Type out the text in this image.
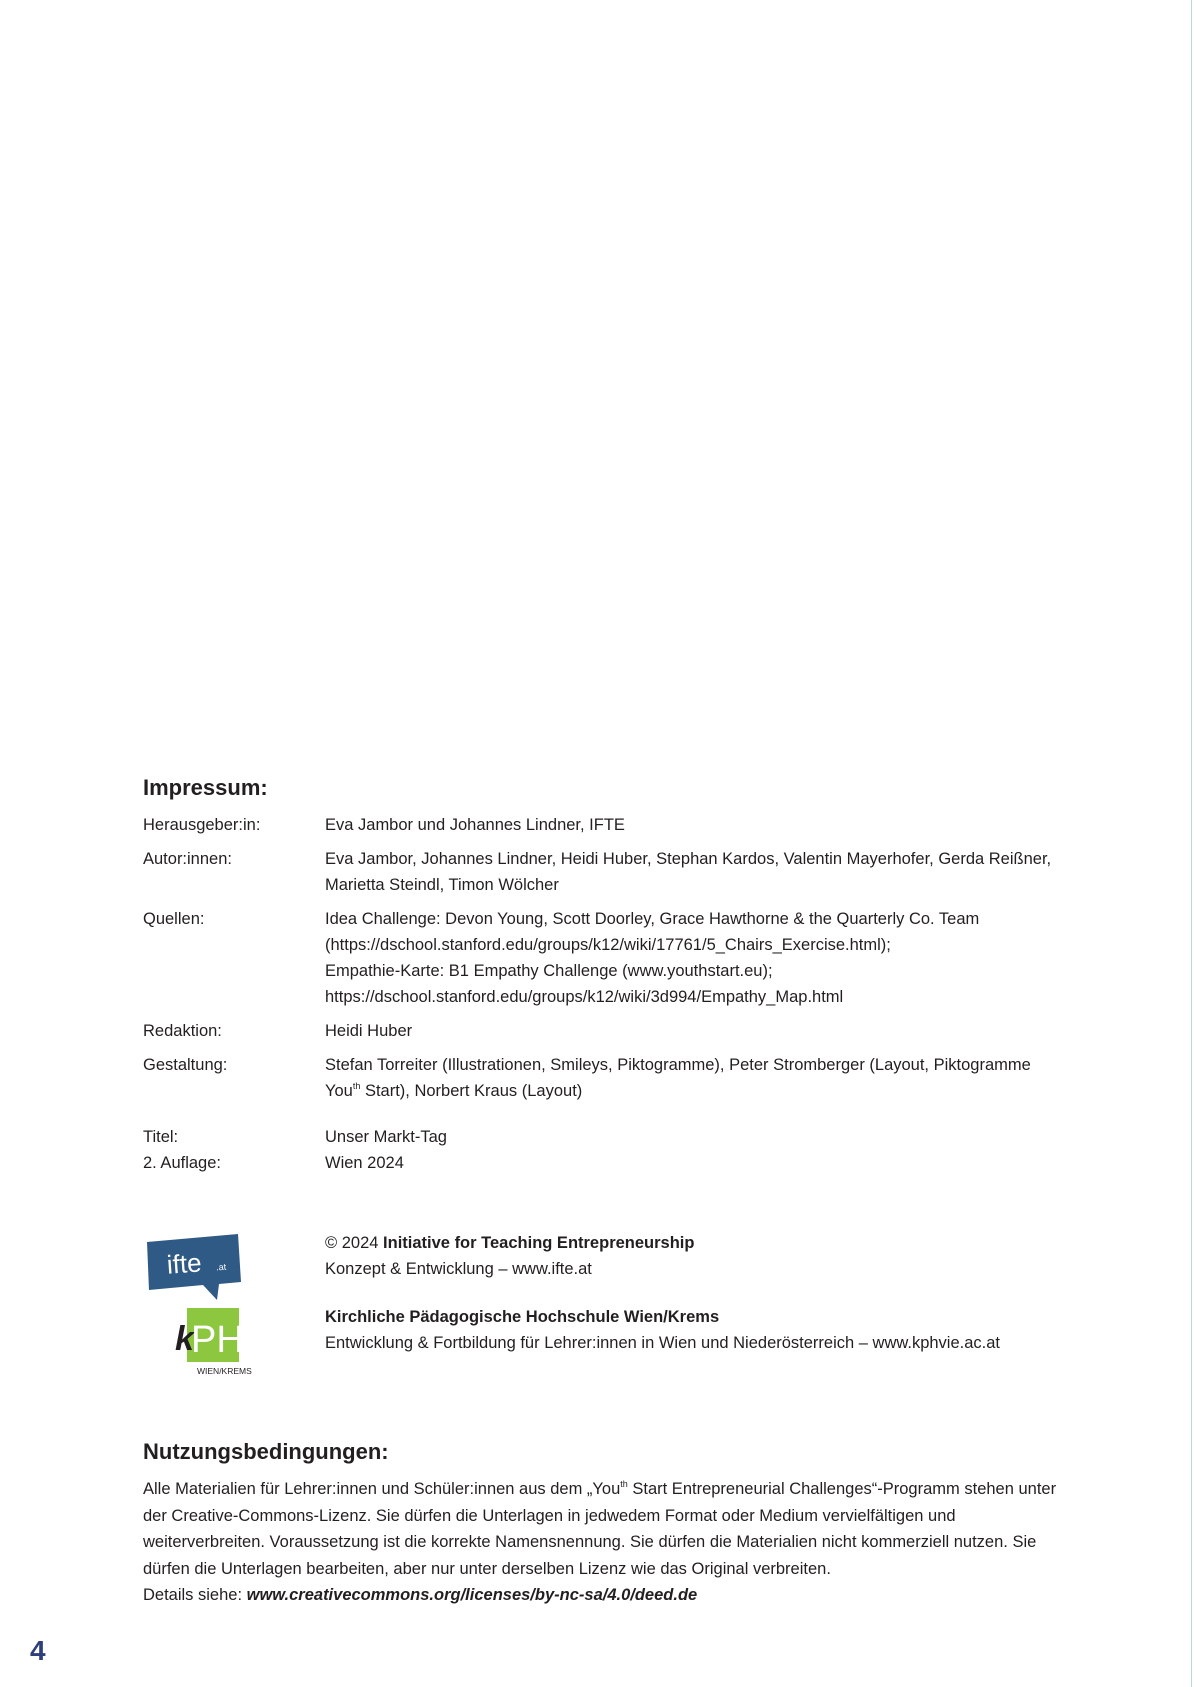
Impressum:
Herausgeber:in:	Eva Jambor und Johannes Lindner, IFTE
Autor:innen:	Eva Jambor, Johannes Lindner, Heidi Huber, Stephan Kardos, Valentin Mayerhofer, Gerda Reißner,
Marietta Steindl, Timon Wölcher
Quellen:	Idea Challenge: Devon Young, Scott Doorley, Grace Hawthorne & the Quarterly Co. Team
(https://dschool.stanford.edu/groups/k12/wiki/17761/5_Chairs_Exercise.html);
Empathie-Karte: B1 Empathy Challenge (www.youthstart.eu);
https://dschool.stanford.edu/groups/k12/wiki/3d994/Empathy_Map.html
Redaktion:	Heidi Huber
Gestaltung:	Stefan Torreiter (Illustrationen, Smileys, Piktogramme), Peter Stromberger (Layout, Piktogramme
You$^{th}$ Start), Norbert Kraus (Layout)
Titel:	Unser Markt-Tag
2. Auflage:	Wien 2024
ifte .at
k
PH
WIEN/KREMS
© 2024 Initiative for Teaching Entrepreneurship
Konzept & Entwicklung – www.ifte.at
Kirchliche Pädagogische Hochschule Wien/Krems
Entwicklung & Fortbildung für Lehrer:innen in Wien und Niederösterreich – www.kphvie.ac.at
Nutzungsbedingungen:

Alle Materialien für Lehrer:innen und Schüler:innen aus dem „You$^{th}$ Start Entrepreneurial Challenges“-Programm stehen unter der Creative-Commons-Lizenz. Sie dürfen die Unterlagen in jedwedem Format oder Medium vervielfältigen und weiterverbreiten. Voraussetzung ist die korrekte Namensnennung. Sie dürfen die Materialien nicht kommerziell nutzen. Sie dürfen die Unterlagen bearbeiten, aber nur unter derselben Lizenz wie das Original verbreiten.

Details siehe: www.creativecommons.org/licenses/by-nc-sa/4.0/deed.de

4
